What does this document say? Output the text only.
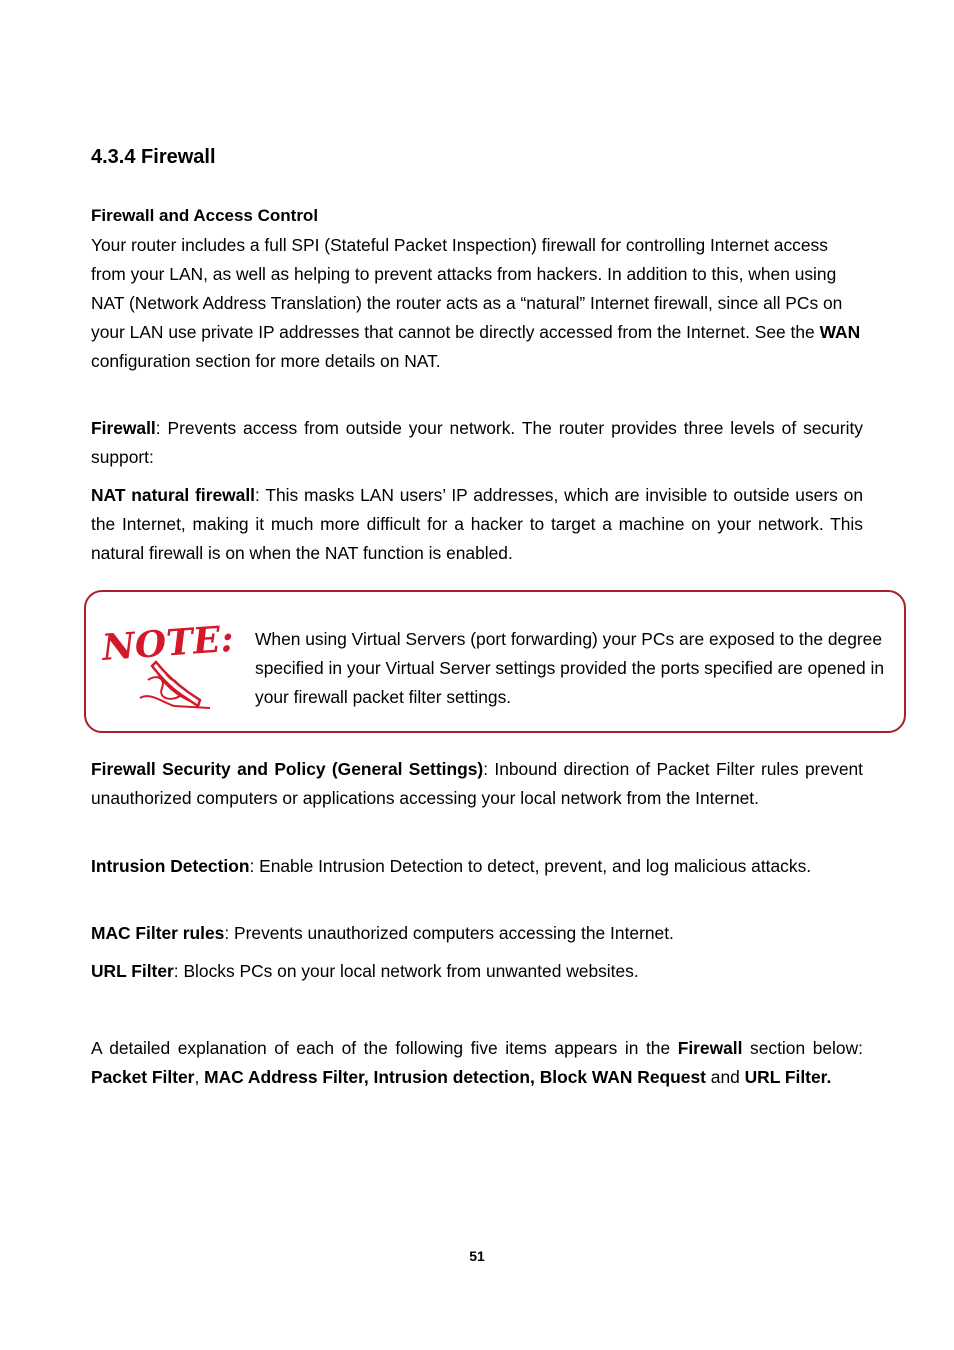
4.3.4 Firewall
Firewall and Access Control

Your router includes a full SPI (Stateful Packet Inspection) firewall for controlling Internet access from your LAN, as well as helping to prevent attacks from hackers. In addition to this, when using NAT (Network Address Translation) the router acts as a “natural” Internet firewall, since all PCs on your LAN use private IP addresses that cannot be directly accessed from the Internet. See the WAN configuration section for more details on NAT.

Firewall: Prevents access from outside your network. The router provides three levels of security support:

NAT natural firewall: This masks LAN users’ IP addresses, which are invisible to outside users on the Internet, making it much more difficult for a hacker to target a machine on your network. This natural firewall is on when the NAT function is enabled.

NOTE: When using Virtual Servers (port forwarding) your PCs are exposed to the degree specified in your Virtual Server settings provided the ports specified are opened in your firewall packet filter settings.

Firewall Security and Policy (General Settings): Inbound direction of Packet Filter rules prevent unauthorized computers or applications accessing your local network from the Internet.

Intrusion Detection: Enable Intrusion Detection to detect, prevent, and log malicious attacks.

MAC Filter rules: Prevents unauthorized computers accessing the Internet.

URL Filter: Blocks PCs on your local network from unwanted websites.

A detailed explanation of each of the following five items appears in the Firewall section below: Packet Filter, MAC Address Filter, Intrusion detection, Block WAN Request and URL Filter.

51
